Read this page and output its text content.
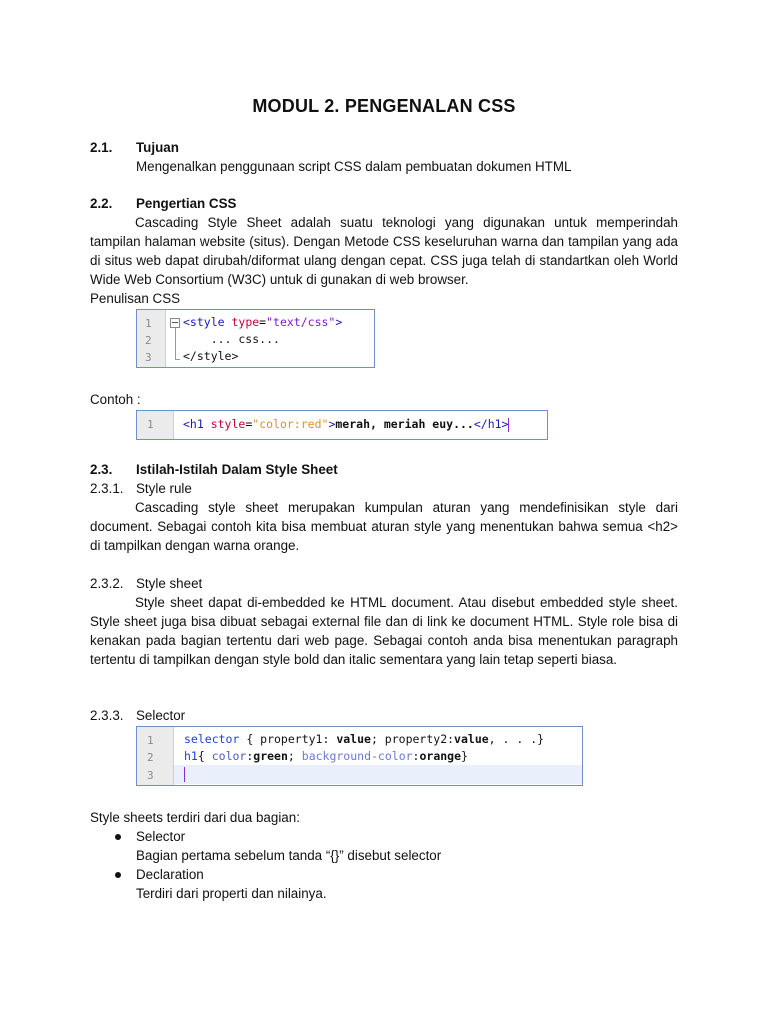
MODUL 2. PENGENALAN CSS
2.1. Tujuan
Mengenalkan penggunaan script CSS dalam pembuatan dokumen HTML
2.2. Pengertian CSS
Cascading Style Sheet adalah suatu teknologi yang digunakan untuk memperindah tampilan halaman website (situs). Dengan Metode CSS keseluruhan warna dan tampilan yang ada di situs web dapat dirubah/diformat ulang dengan cepat. CSS juga telah di standartkan oleh World Wide Web Consortium (W3C) untuk di gunakan di web browser.
Penulisan CSS
1
2
3
<style type="text/css">
... css...
</style>
Contoh :
1	<h1 style="color:red">merah, meriah euy...</h1>
2.3. Istilah-Istilah Dalam Style Sheet
2.3.1. Style rule
Cascading style sheet merupakan kumpulan aturan yang mendefinisikan style dari document. Sebagai contoh kita bisa membuat aturan style yang menentukan bahwa semua <h2> di tampilkan dengan warna orange.
2.3.2. Style sheet
Style sheet dapat di-embedded ke HTML document. Atau disebut embedded style sheet. Style sheet juga bisa dibuat sebagai external file dan di link ke document HTML. Style role bisa di kenakan pada bagian tertentu dari web page. Sebagai contoh anda bisa menentukan paragraph tertentu di tampilkan dengan style bold dan italic sementara yang lain tetap seperti biasa.
2.3.3. Selector
1
2
3
selector { property1: value; property2:value, . . .}
h1{ color:green; background-color:orange}
Style sheets terdiri dari dua bagian:
Selector
Bagian pertama sebelum tanda “{}” disebut selector
Declaration
Terdiri dari properti dan nilainya.
